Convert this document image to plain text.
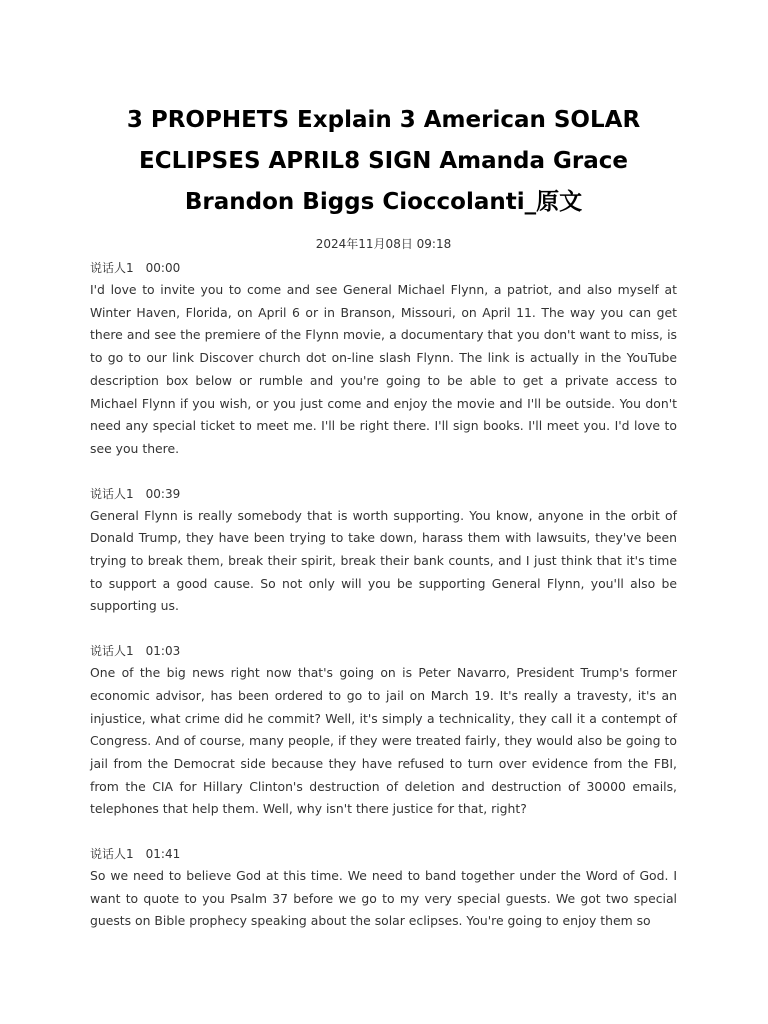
3 PROPHETS Explain 3 American SOLAR ECLIPSES APRIL8 SIGN Amanda Grace Brandon Biggs Cioccolanti_原文
2024年11月08日 09:18
说话人1 00:00

I'd love to invite you to come and see General Michael Flynn, a patriot, and also myself at Winter Haven, Florida, on April 6 or in Branson, Missouri, on April 11. The way you can get there and see the premiere of the Flynn movie, a documentary that you don't want to miss, is to go to our link Discover church dot on-line slash Flynn. The link is actually in the YouTube description box below or rumble and you're going to be able to get a private access to Michael Flynn if you wish, or you just come and enjoy the movie and I'll be outside. You don't need any special ticket to meet me. I'll be right there. I'll sign books. I'll meet you. I'd love to see you there.

说话人1 00:39

General Flynn is really somebody that is worth supporting. You know, anyone in the orbit of Donald Trump, they have been trying to take down, harass them with lawsuits, they've been trying to break them, break their spirit, break their bank counts, and I just think that it's time to support a good cause. So not only will you be supporting General Flynn, you'll also be supporting us.

说话人1 01:03

One of the big news right now that's going on is Peter Navarro, President Trump's former economic advisor, has been ordered to go to jail on March 19. It's really a travesty, it's an injustice, what crime did he commit? Well, it's simply a technicality, they call it a contempt of Congress. And of course, many people, if they were treated fairly, they would also be going to jail from the Democrat side because they have refused to turn over evidence from the FBI, from the CIA for Hillary Clinton's destruction of deletion and destruction of 30000 emails, telephones that help them. Well, why isn't there justice for that, right?

说话人1 01:41

So we need to believe God at this time. We need to band together under the Word of God. I want to quote to you Psalm 37 before we go to my very special guests. We got two special guests on Bible prophecy speaking about the solar eclipses. You're going to enjoy them so
